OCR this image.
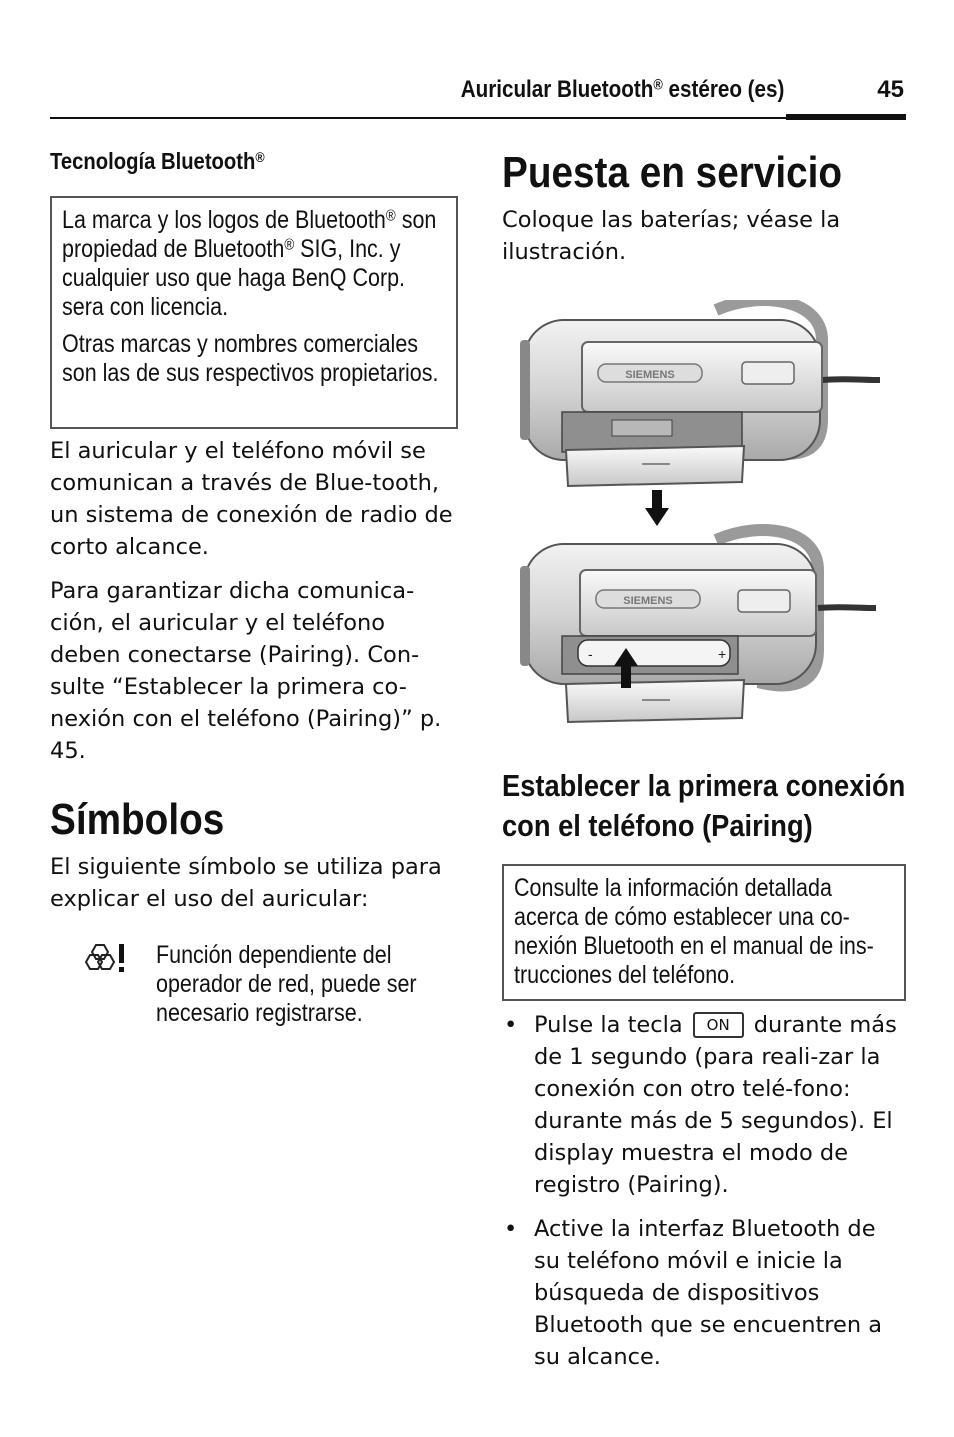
Auricular Bluetooth® estéreo (es)	45
Tecnología Bluetooth®

La marca y los logos de Bluetooth® son propiedad de Bluetooth® SIG, Inc. y cualquier uso que haga BenQ Corp. sera con licencia.

Otras marcas y nombres comerciales son las de sus respectivos propietarios.

El auricular y el teléfono móvil se comunican a través de Blue-tooth, un sistema de conexión de radio de corto alcance.

Para garantizar dicha comunica-ción, el auricular y el teléfono deben conectarse (Pairing). Con-sulte “Establecer la primera co-nexión con el teléfono (Pairing)” p. 45.

Símbolos

El siguiente símbolo se utiliza para explicar el uso del auricular:

Función dependiente del operador de red, puede ser necesario registrarse.
Puesta en servicio

Coloque las baterías; véase la ilustración.

SIEMENS
SIEMENS
-	+
Establecer la primera conexión con el teléfono (Pairing)

Consulte la información detallada acerca de cómo establecer una co-nexión Bluetooth en el manual de ins-trucciones del teléfono.

• Pulse la tecla ON durante más de 1 segundo (para reali-zar la conexión con otro telé-fono: durante más de 5 segundos). El display muestra el modo de registro (Pairing).
• Active la interfaz Bluetooth de su teléfono móvil e inicie la búsqueda de dispositivos Bluetooth que se encuentren a su alcance.
